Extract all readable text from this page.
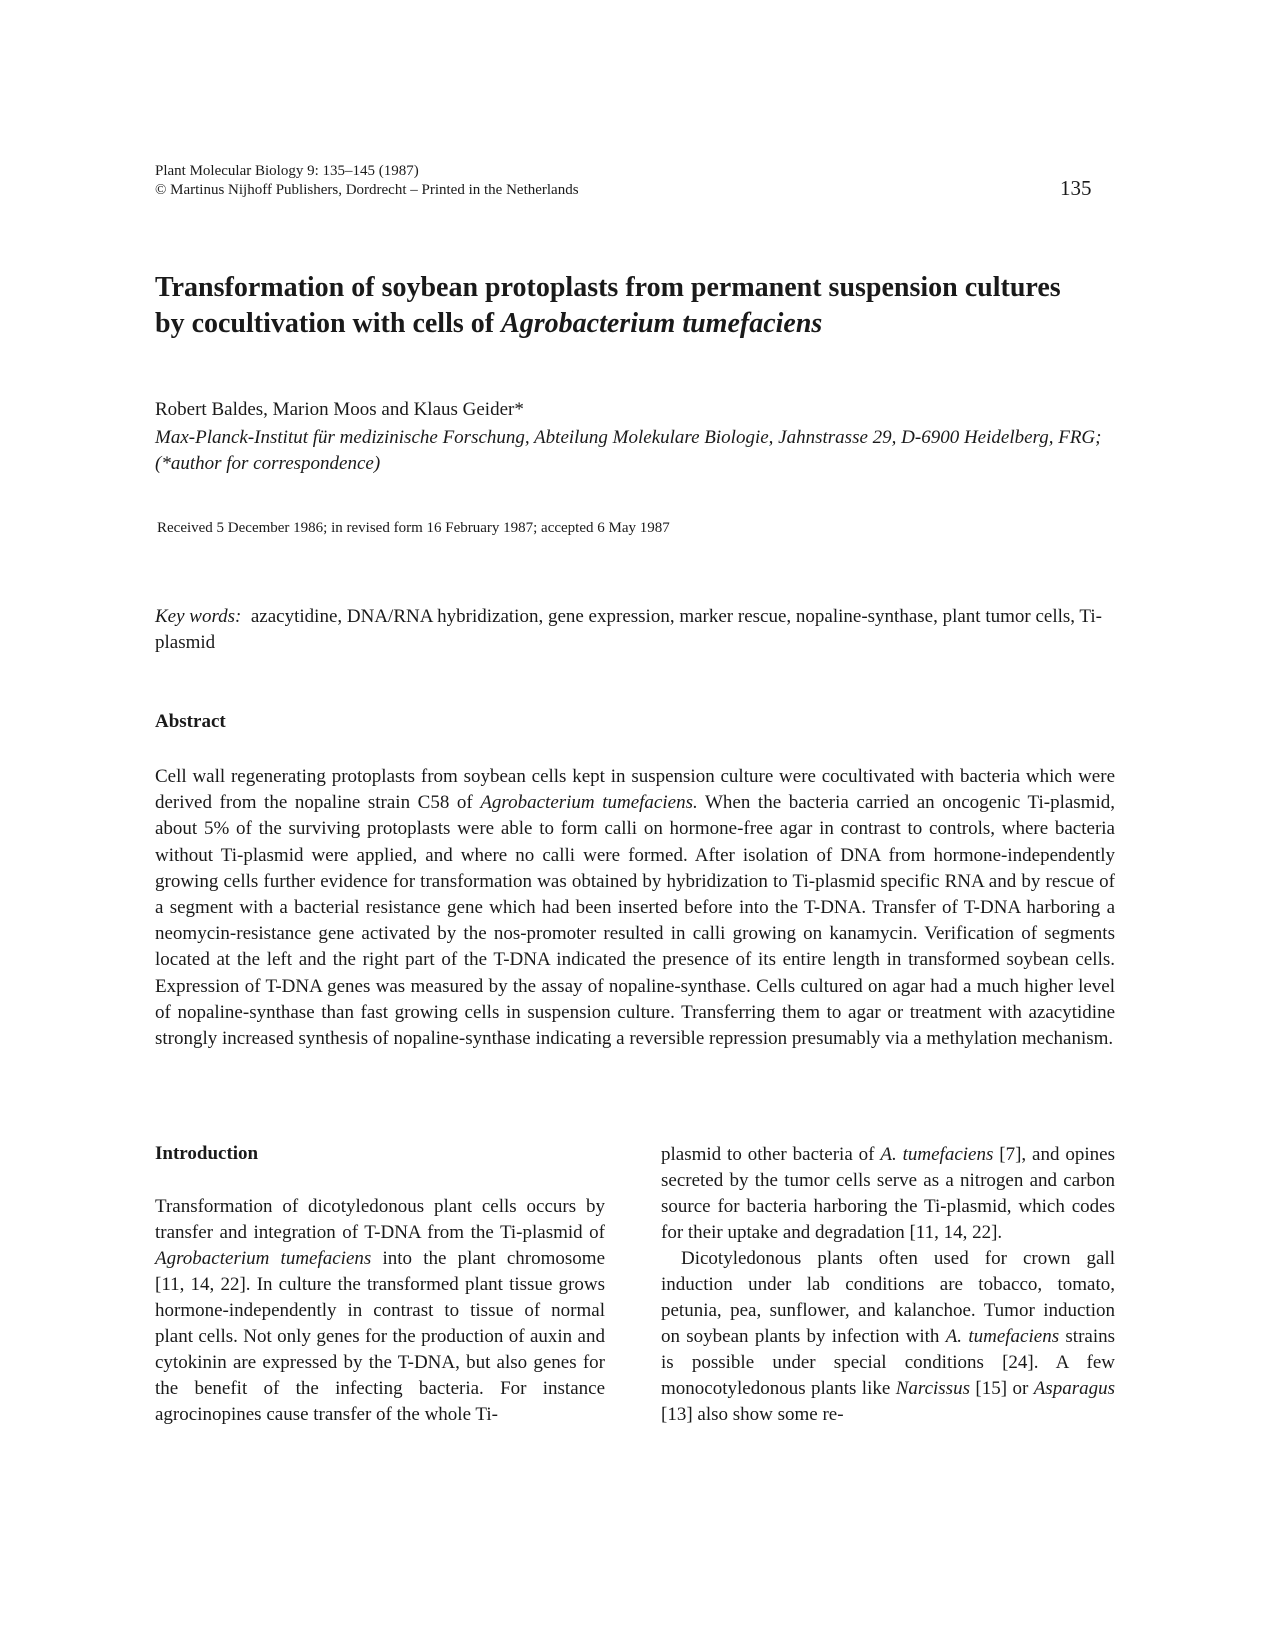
Plant Molecular Biology 9: 135–145 (1987)
© Martinus Nijhoff Publishers, Dordrecht – Printed in the Netherlands	135
Transformation of soybean protoplasts from permanent suspension cultures by cocultivation with cells of Agrobacterium tumefaciens
Robert Baldes, Marion Moos and Klaus Geider*
Max-Planck-Institut für medizinische Forschung, Abteilung Molekulare Biologie, Jahnstrasse 29, D-6900 Heidelberg, FRG; (*author for correspondence)
Received 5 December 1986; in revised form 16 February 1987; accepted 6 May 1987
Key words: azacytidine, DNA/RNA hybridization, gene expression, marker rescue, nopaline-synthase, plant tumor cells, Ti-plasmid
Abstract

Cell wall regenerating protoplasts from soybean cells kept in suspension culture were cocultivated with bacteria which were derived from the nopaline strain C58 of Agrobacterium tumefaciens. When the bacteria carried an oncogenic Ti-plasmid, about 5% of the surviving protoplasts were able to form calli on hormone-free agar in contrast to controls, where bacteria without Ti-plasmid were applied, and where no calli were formed. After isolation of DNA from hormone-independently growing cells further evidence for transformation was obtained by hybridization to Ti-plasmid specific RNA and by rescue of a segment with a bacterial resistance gene which had been inserted before into the T-DNA. Transfer of T-DNA harboring a neomycin-resistance gene activated by the nos-promoter resulted in calli growing on kanamycin. Verification of segments located at the left and the right part of the T-DNA indicated the presence of its entire length in transformed soybean cells. Expression of T-DNA genes was measured by the assay of nopaline-synthase. Cells cultured on agar had a much higher level of nopaline-synthase than fast growing cells in suspension culture. Transferring them to agar or treatment with azacytidine strongly increased synthesis of nopaline-synthase indicating a reversible repression presumably via a methylation mechanism.

Introduction

Transformation of dicotyledonous plant cells occurs by transfer and integration of T-DNA from the Ti-plasmid of Agrobacterium tumefaciens into the plant chromosome [11, 14, 22]. In culture the transformed plant tissue grows hormone-independently in contrast to tissue of normal plant cells. Not only genes for the production of auxin and cytokinin are expressed by the T-DNA, but also genes for the benefit of the infecting bacteria. For instance agrocinopines cause transfer of the whole Ti-

plasmid to other bacteria of A. tumefaciens [7], and opines secreted by the tumor cells serve as a nitrogen and carbon source for bacteria harboring the Ti-plasmid, which codes for their uptake and degradation [11, 14, 22].

Dicotyledonous plants often used for crown gall induction under lab conditions are tobacco, tomato, petunia, pea, sunflower, and kalanchoe. Tumor induction on soybean plants by infection with A. tumefaciens strains is possible under special conditions [24]. A few monocotyledonous plants like Narcissus [15] or Asparagus [13] also show some re-
